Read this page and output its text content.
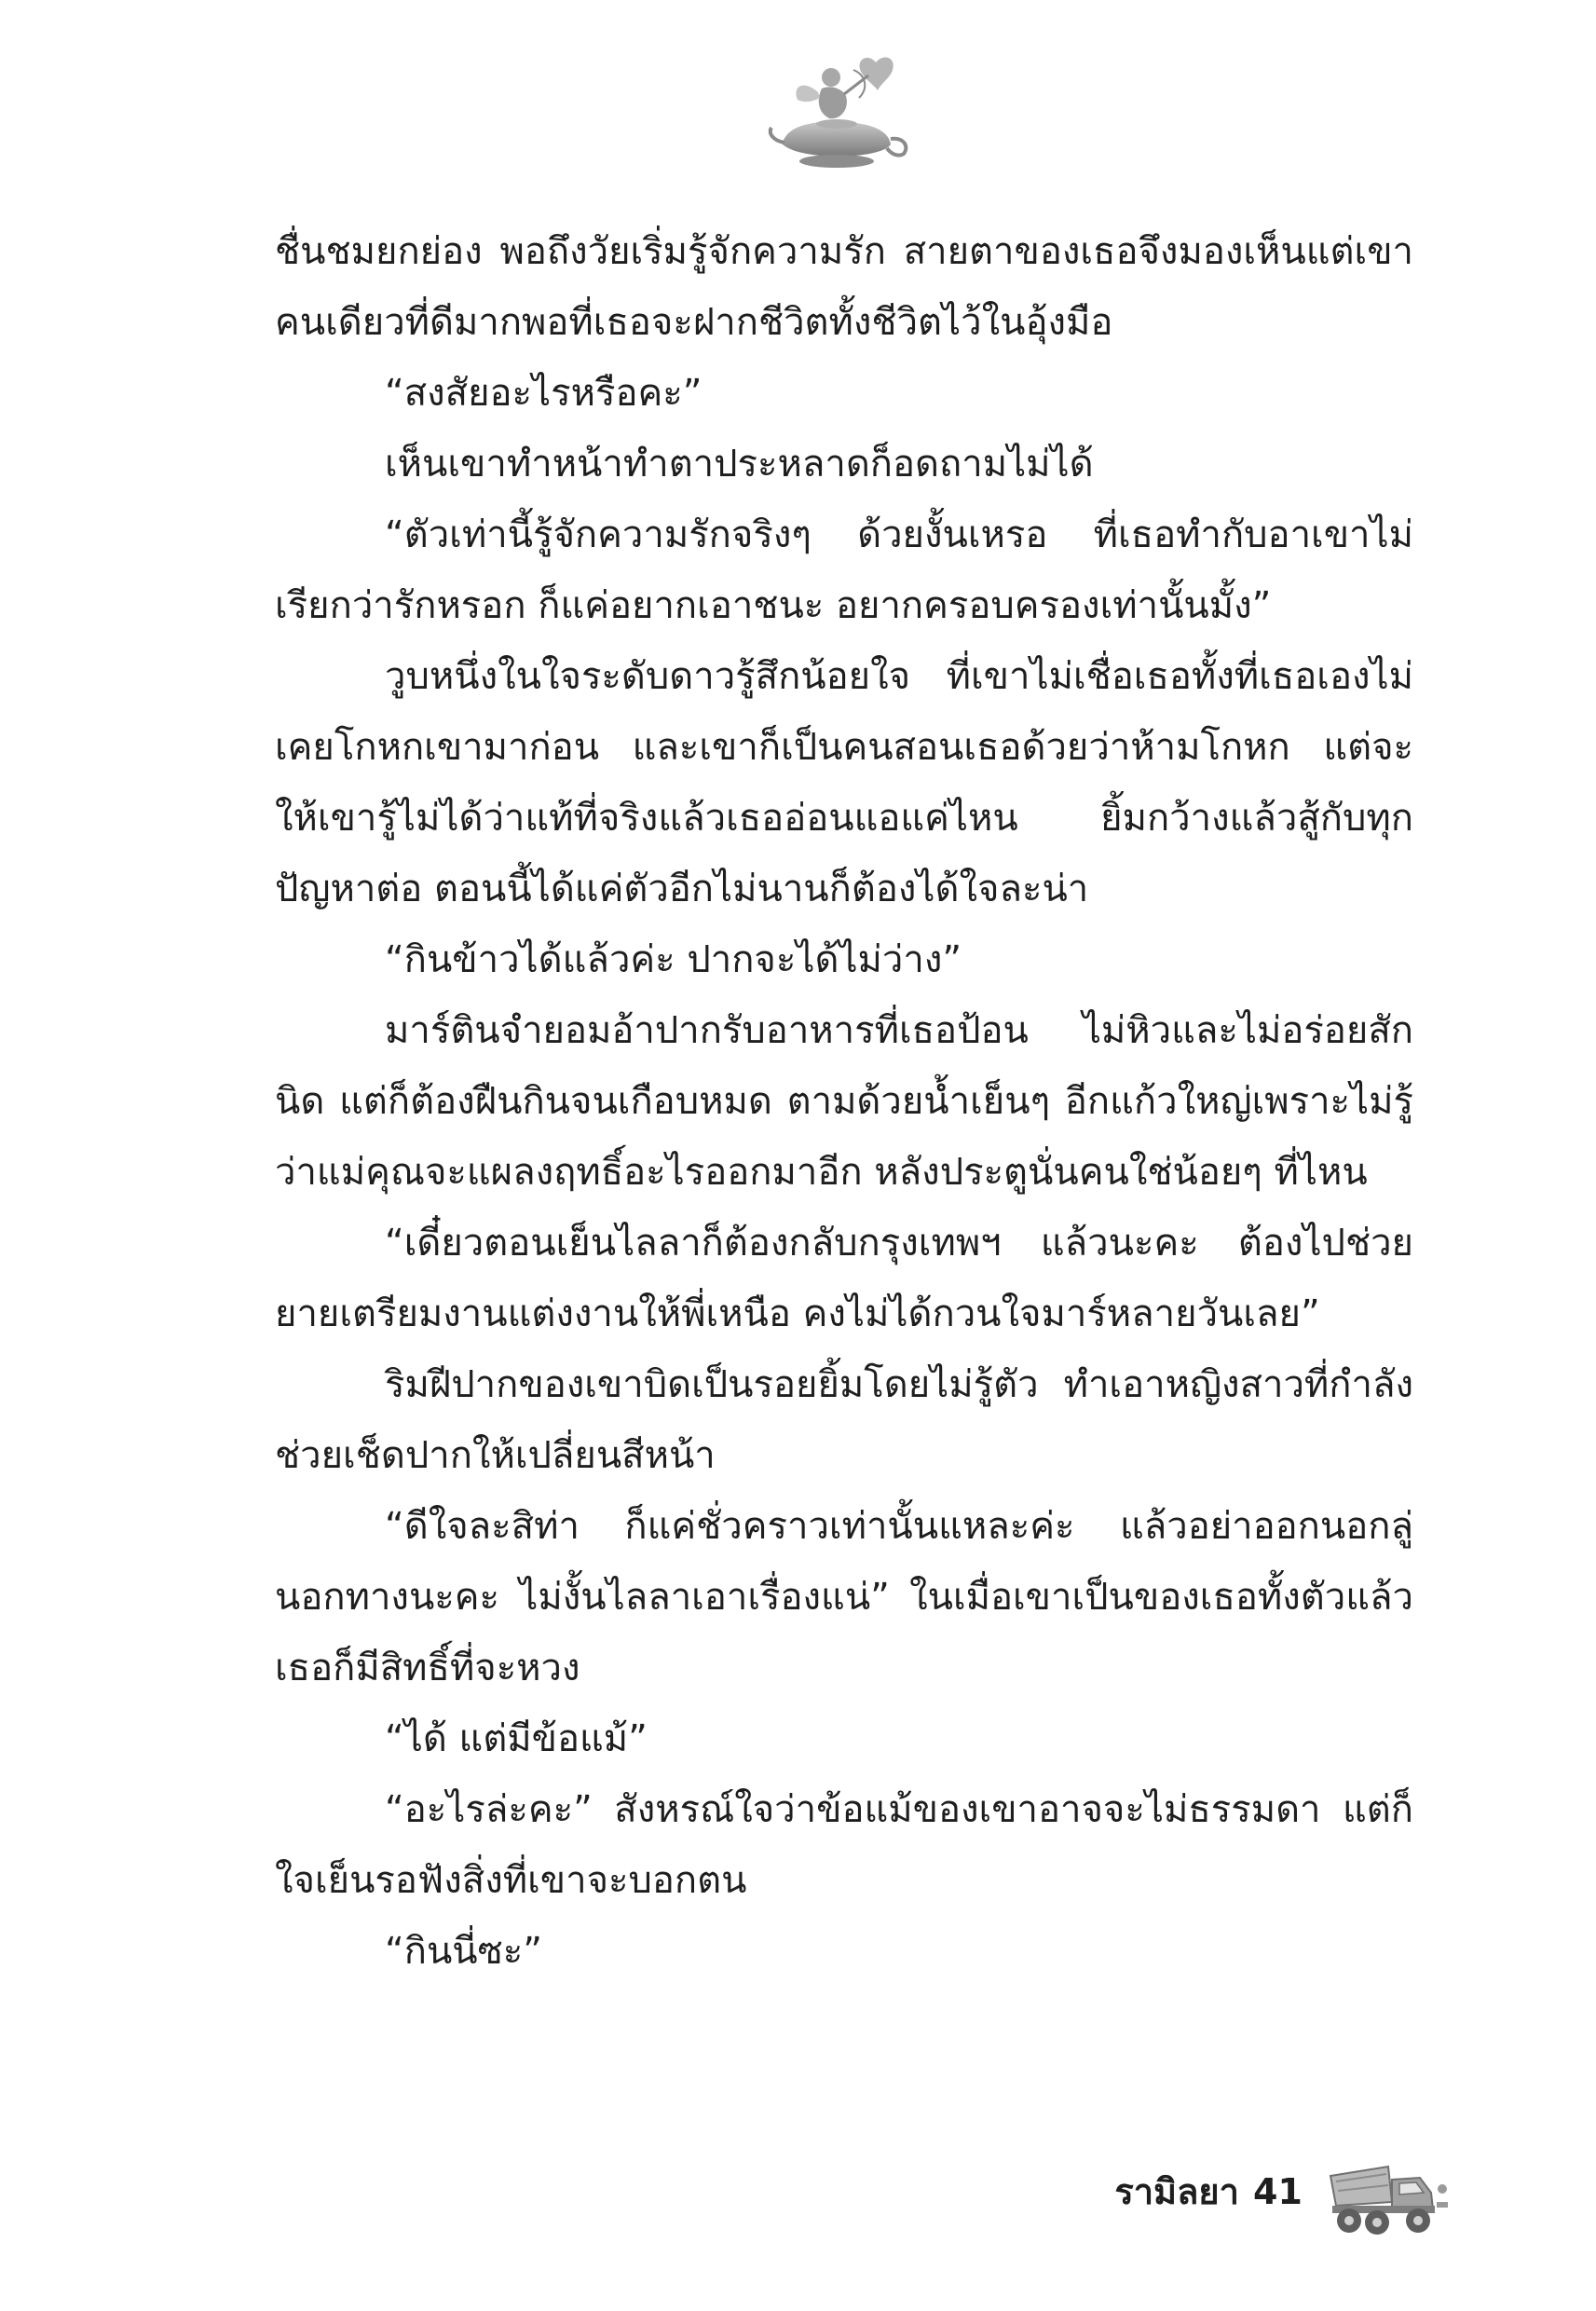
ชื่นชมยกย่อง พอถึงวัยเริ่มรู้จักความรัก สายตาของเธอจึงมองเห็นแต่เขาคนเดียวที่ดีมากพอที่เธอจะฝากชีวิตทั้งชีวิตไว้ในอุ้งมือ

“สงสัยอะไรหรือคะ”

เห็นเขาทำหน้าทำตาประหลาดก็อดถามไม่ได้

“ตัวเท่านี้รู้จักความรักจริงๆ ด้วยงั้นเหรอ ที่เธอทำกับอาเขาไม่เรียกว่ารักหรอก ก็แค่อยากเอาชนะ อยากครอบครองเท่านั้นมั้ง”

วูบหนึ่งในใจระดับดาวรู้สึกน้อยใจ ที่เขาไม่เชื่อเธอทั้งที่เธอเองไม่เคยโกหกเขามาก่อน และเขาก็เป็นคนสอนเธอด้วยว่าห้ามโกหก แต่จะให้เขารู้ไม่ได้ว่าแท้ที่จริงแล้วเธออ่อนแอแค่ไหน ยิ้มกว้างแล้วสู้กับทุกปัญหาต่อ ตอนนี้ได้แค่ตัวอีกไม่นานก็ต้องได้ใจละน่า

“กินข้าวได้แล้วค่ะ ปากจะได้ไม่ว่าง”

มาร์ตินจำยอมอ้าปากรับอาหารที่เธอป้อน ไม่หิวและไม่อร่อยสักนิด แต่ก็ต้องฝืนกินจนเกือบหมด ตามด้วยน้ำเย็นๆ อีกแก้วใหญ่เพราะไม่รู้ว่าแม่คุณจะแผลงฤทธิ์อะไรออกมาอีก หลังประตูนั่นคนใช่น้อยๆ ที่ไหน

“เดี๋ยวตอนเย็นไลลาก็ต้องกลับกรุงเทพฯ แล้วนะคะ ต้องไปช่วยยายเตรียมงานแต่งงานให้พี่เหนือ คงไม่ได้กวนใจมาร์หลายวันเลย”

ริมฝีปากของเขาบิดเป็นรอยยิ้มโดยไม่รู้ตัว ทำเอาหญิงสาวที่กำลังช่วยเช็ดปากให้เปลี่ยนสีหน้า

“ดีใจละสิท่า ก็แค่ชั่วคราวเท่านั้นแหละค่ะ แล้วอย่าออกนอกลู่นอกทางนะคะ ไม่งั้นไลลาเอาเรื่องแน่” ในเมื่อเขาเป็นของเธอทั้งตัวแล้วเธอก็มีสิทธิ์ที่จะหวง

“ได้ แต่มีข้อแม้”

“อะไรล่ะคะ” สังหรณ์ใจว่าข้อแม้ของเขาอาจจะไม่ธรรมดา แต่ก็ใจเย็นรอฟังสิ่งที่เขาจะบอกตน

“กินนี่ซะ”

รามิลยา 41
